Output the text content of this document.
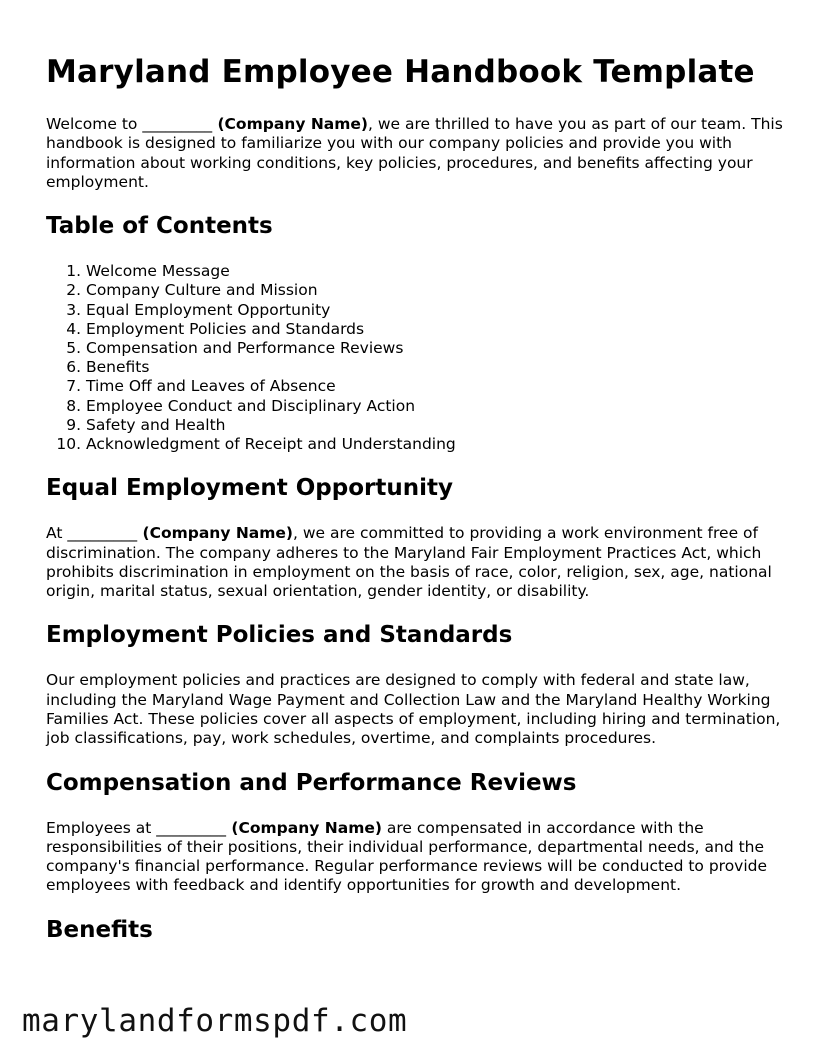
Maryland Employee Handbook Template

Welcome to _________ (Company Name), we are thrilled to have you as part of our team. This handbook is designed to familiarize you with our company policies and provide you with information about working conditions, key policies, procedures, and benefits affecting your employment.

Table of Contents
1. Welcome Message
2. Company Culture and Mission
3. Equal Employment Opportunity
4. Employment Policies and Standards
5. Compensation and Performance Reviews
6. Benefits
7. Time Off and Leaves of Absence
8. Employee Conduct and Disciplinary Action
9. Safety and Health
10. Acknowledgment of Receipt and Understanding
Equal Employment Opportunity

At _________ (Company Name), we are committed to providing a work environment free of discrimination. The company adheres to the Maryland Fair Employment Practices Act, which prohibits discrimination in employment on the basis of race, color, religion, sex, age, national origin, marital status, sexual orientation, gender identity, or disability.

Employment Policies and Standards

Our employment policies and practices are designed to comply with federal and state law, including the Maryland Wage Payment and Collection Law and the Maryland Healthy Working Families Act. These policies cover all aspects of employment, including hiring and termination, job classifications, pay, work schedules, overtime, and complaints procedures.

Compensation and Performance Reviews

Employees at _________ (Company Name) are compensated in accordance with the responsibilities of their positions, their individual performance, departmental needs, and the company's financial performance. Regular performance reviews will be conducted to provide employees with feedback and identify opportunities for growth and development.

Benefits
marylandformspdf.com
